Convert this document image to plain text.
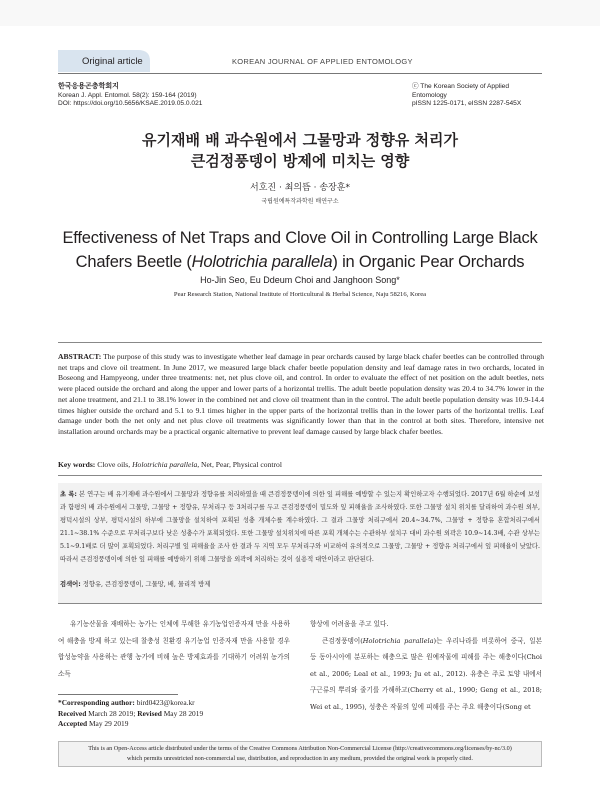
Original article	KOREAN JOURNAL OF APPLIED ENTOMOLOGY
한국응용곤충학회지
Korean J. Appl. Entomol. 58(2): 159-164 (2019)
DOI: https://doi.org/10.5656/KSAE.2019.05.0.021
ⓒ The Korean Society of Applied Entomology
pISSN 1225-0171, eISSN 2287-545X
유기재배 배 과수원에서 그물망과 정향유 처리가
큰검정풍뎅이 방제에 미치는 영향
서호진 · 최의뜸 · 송장훈*
국립원예특작과학원 배연구소
Effectiveness of Net Traps and Clove Oil in Controlling Large Black
Chafers Beetle (Holotrichia parallela) in Organic Pear Orchards
Ho-Jin Seo, Eu Ddeum Choi and Janghoon Song*
Pear Research Station, National Institute of Horticultural & Herbal Science, Naju 58216, Korea
ABSTRACT: The purpose of this study was to investigate whether leaf damage in pear orchards caused by large black chafer beetles can be controlled through net traps and clove oil treatment. In June 2017, we measured large black chafer beetle population density and leaf damage rates in two orchards, located in Boseong and Hampyeong, under three treatments: net, net plus clove oil, and control. In order to evaluate the effect of net position on the adult beetles, nets were placed outside the orchard and along the upper and lower parts of a horizontal trellis. The adult beetle population density was 20.4 to 34.7% lower in the net alone treatment, and 21.1 to 38.1% lower in the combined net and clove oil treatment than in the control. The adult beetle population density was 10.9-14.4 times higher outside the orchard and 5.1 to 9.1 times higher in the upper parts of the horizontal trellis than in the lower parts of the horizontal trellis. Leaf damage under both the net only and net plus clove oil treatments was significantly lower than that in the control at both sites. Therefore, intensive net installation around orchards may be a practical organic alternative to prevent leaf damage caused by large black chafer beetles.
Key words: Clove oils, Holotrichia parallela, Net, Pear, Physical control
초 록: 본 연구는 배 유기재배 과수원에서 그물망과 정향유를 처리하였을 때 큰검정풍뎅이에 의한 잎 피해를 예방할 수 있는지 확인하고자 수행되었다. 2017년 6월 하순에 보성과 함평의 배 과수원에서 그물망, 그물망 + 정향유, 무처리구 등 3처리구를 두고 큰검정풍뎅이 밀도와 잎 피해율을 조사하였다. 또한 그물망 설치 위치를 달리하여 과수원 외부, 평덕시설의 상부, 평덕시설의 하부에 그물망을 설치하여 포획된 성충 개체수를 계수하였다. 그 결과 그물망 처리구에서 20.4~34.7%, 그물망 + 정향유 혼합처리구에서 21.1~38.1% 수준으로 무처리구보다 낮은 성충수가 포획되었다. 또한 그물망 설치위치에 따른 포획 개체수는 수관하부 설치구 대비 과수원 외곽은 10.9~14.3배, 수관 상부는 5.1~9.1배로 더 많이 포획되었다. 처리구별 잎 피해율을 조사 한 결과 두 지역 모두 무처리구와 비교하여 유의적으로 그물망, 그물망 + 정향유 처리구에서 잎 피해율이 낮았다. 따라서 큰검정풍뎅이에 의한 잎 피해를 예방하기 위해 그물망을 외곽에 처리하는 것이 실용적 대안이라고 판단된다.
검색어: 정향유, 큰검정풍뎅이, 그물망, 배, 물리적 방제

유기농산물을 재배하는 농가는 인체에 무해한 유기농업인증자재 만을 사용하여 해충을 방제 하고 있는데 찰충성 친환경 유기농업 인증자재 만을 사용할 경우 합성농약을 사용하는 관행 농가에 비해 높은 방제효과를 기대하기 어려워 농가의 소득

향상에 어려움을 주고 있다.

큰검정풍뎅이(Holotrichia parallela)는 우리나라를 비롯하여 중국, 일본 등 동아시아에 분포하는 해충으로 많은 원예작물에 피해를 주는 해충이다(Choi et al., 2006; Leal et al., 1993; Ju et al., 2012). 유충은 주로 토양 내에서 구근류의 뿌리와 줄기를 가해하고(Cherry et al., 1990; Geng et al., 2018; Wei et al., 1995), 성충은 작물의 잎에 피해를 주는 주요 해충이다(Song et

*Corresponding author: bird0423@korea.kr
Received March 28 2019; Revised May 28 2019
Accepted May 29 2019
This is an Open-Access article distributed under the terms of the Creative Commons Attribution Non-Commercial License (http://creativecommons.org/licenses/by-nc/3.0)
which permits unrestricted non-commercial use, distribution, and reproduction in any medium, provided the original work is properly cited.
